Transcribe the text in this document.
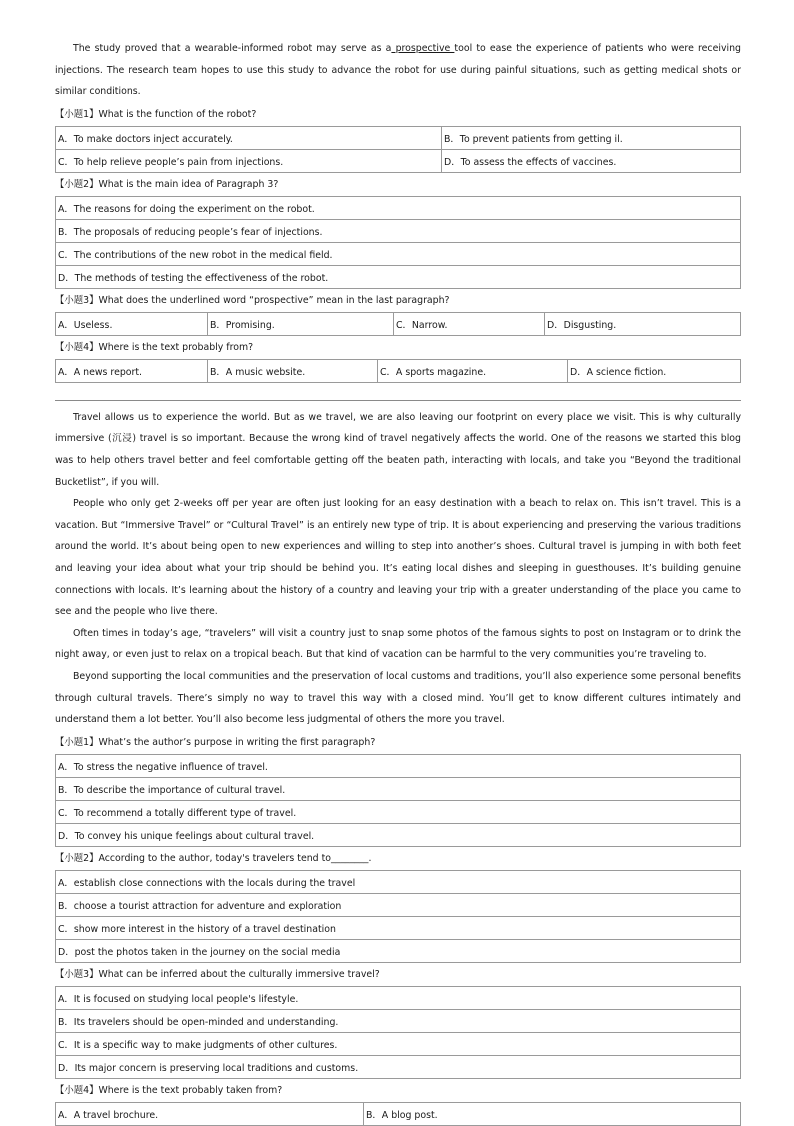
The study proved that a wearable-informed robot may serve as a prospective tool to ease the experience of patients who were receiving injections. The research team hopes to use this study to advance the robot for use during painful situations, such as getting medical shots or similar conditions.

【小题1】What is the function of the robot?
A．To make doctors inject accurately.	B．To prevent patients from getting il.
C．To help relieve people’s pain from injections.	D．To assess the effects of vaccines.
【小题2】What is the main idea of Paragraph 3?
A．The reasons for doing the experiment on the robot.
B．The proposals of reducing people’s fear of injections.
C．The contributions of the new robot in the medical field.
D．The methods of testing the effectiveness of the robot.
【小题3】What does the underlined word “prospective” mean in the last paragraph?
A．Useless.	B．Promising.	C．Narrow.	D．Disgusting.
【小题4】Where is the text probably from?
A．A news report.	B．A music website.	C．A sports magazine.	D．A science fiction.

Travel allows us to experience the world. But as we travel, we are also leaving our footprint on every place we visit. This is why culturally immersive (沉浸) travel is so important. Because the wrong kind of travel negatively affects the world. One of the reasons we started this blog was to help others travel better and feel comfortable getting off the beaten path, interacting with locals, and take you “Beyond the traditional Bucketlist”, if you will.

People who only get 2-weeks off per year are often just looking for an easy destination with a beach to relax on. This isn’t travel. This is a vacation. But “Immersive Travel” or “Cultural Travel” is an entirely new type of trip. It is about experiencing and preserving the various traditions around the world. It’s about being open to new experiences and willing to step into another’s shoes. Cultural travel is jumping in with both feet and leaving your idea about what your trip should be behind you. It’s eating local dishes and sleeping in guesthouses. It’s building genuine connections with locals. It’s learning about the history of a country and leaving your trip with a greater understanding of the place you came to see and the people who live there.

Often times in today’s age, “travelers” will visit a country just to snap some photos of the famous sights to post on Instagram or to drink the night away, or even just to relax on a tropical beach. But that kind of vacation can be harmful to the very communities you’re traveling to.

Beyond supporting the local communities and the preservation of local customs and traditions, you’ll also experience some personal benefits through cultural travels. There’s simply no way to travel this way with a closed mind. You’ll get to know different cultures intimately and understand them a lot better. You’ll also become less judgmental of others the more you travel.

【小题1】What’s the author’s purpose in writing the first paragraph?
A．To stress the negative influence of travel.
B．To describe the importance of cultural travel.
C．To recommend a totally different type of travel.
D．To convey his unique feelings about cultural travel.
【小题2】According to the author, today's travelers tend to________.
A．establish close connections with the locals during the travel
B．choose a tourist attraction for adventure and exploration
C．show more interest in the history of a travel destination
D．post the photos taken in the journey on the social media
【小题3】What can be inferred about the culturally immersive travel?
A．It is focused on studying local people's lifestyle.
B．Its travelers should be open-minded and understanding.
C．It is a specific way to make judgments of other cultures.
D．Its major concern is preserving local traditions and customs.
【小题4】Where is the text probably taken from?
A．A travel brochure.	B．A blog post.
